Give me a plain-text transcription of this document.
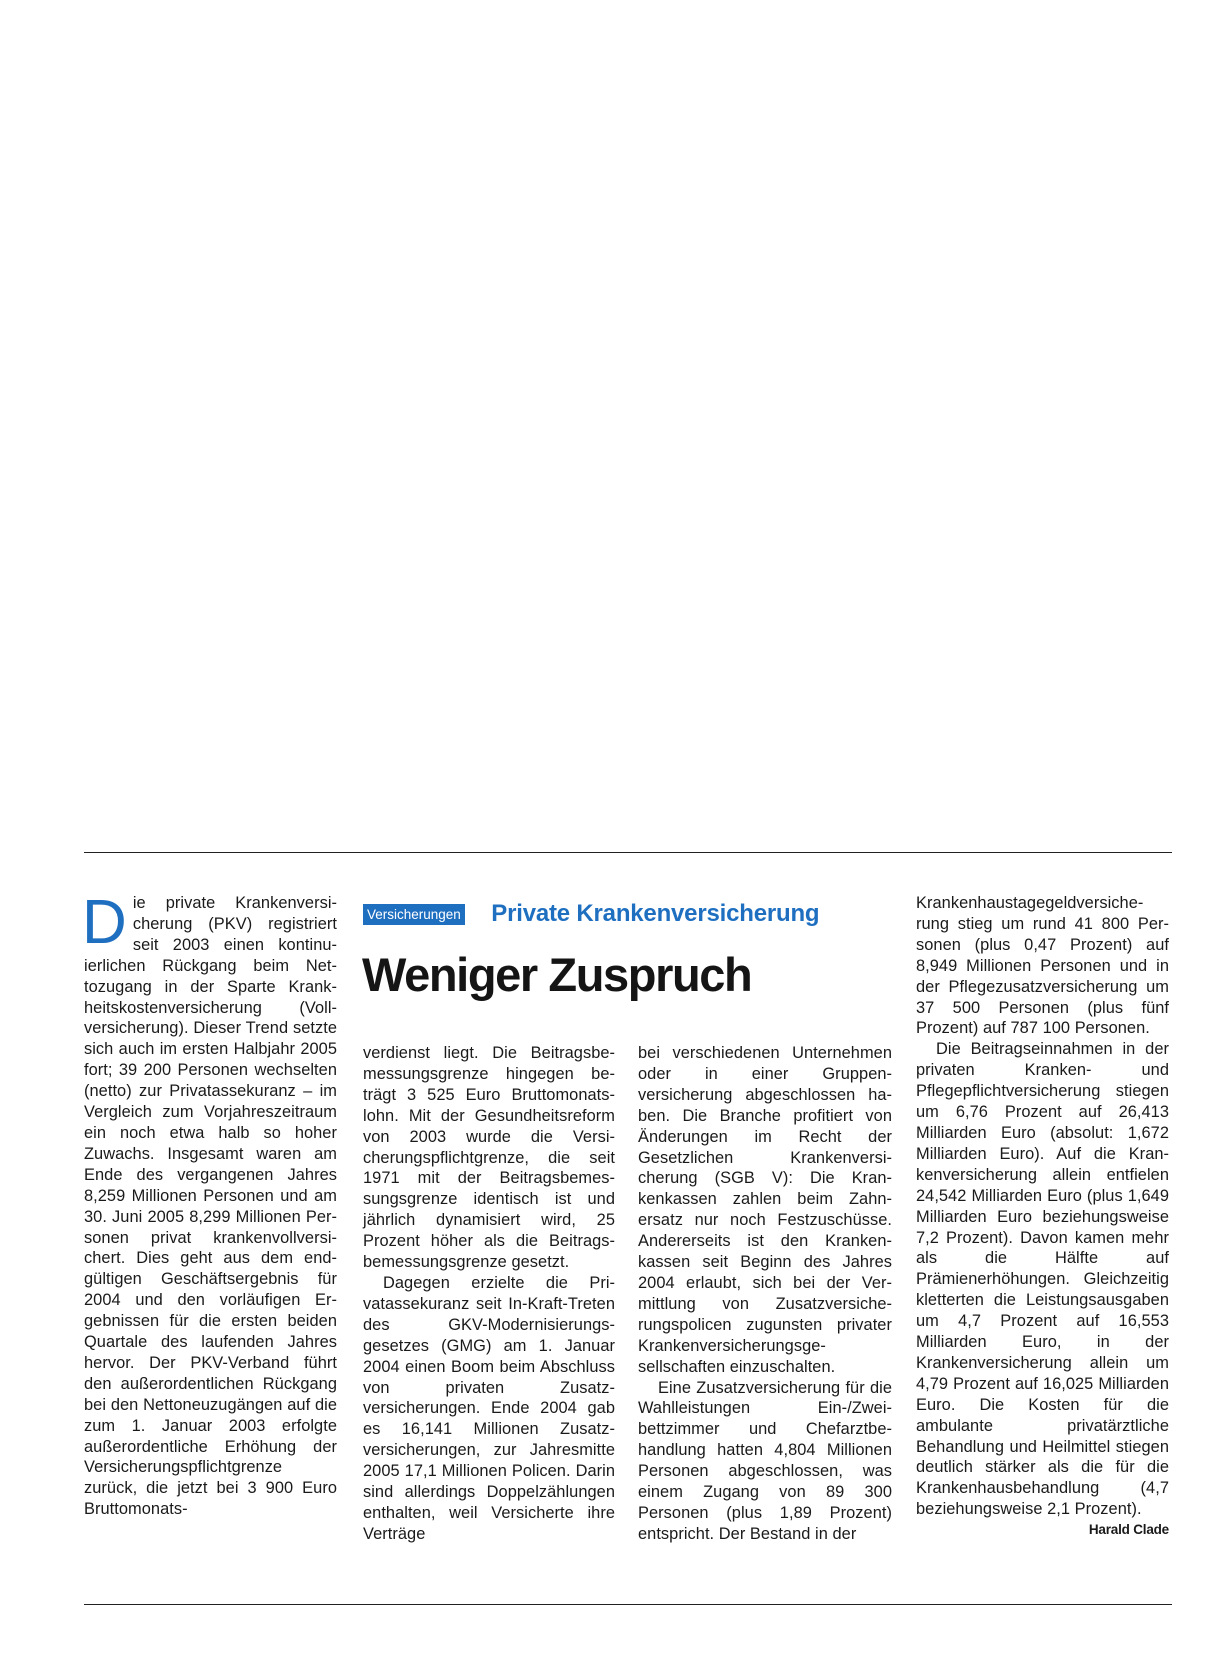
Die private Krankenversicherung (PKV) registriert seit 2003 einen kontinuierlichen Rückgang beim Nettozugang in der Sparte Krankheitskostenversicherung (Vollversicherung). Dieser Trend setzte sich auch im ersten Halbjahr 2005 fort; 39 200 Personen wechselten (netto) zur Privatassekuranz – im Vergleich zum Vorjahreszeitraum ein noch etwa halb so hoher Zuwachs. Insgesamt waren am Ende des vergangenen Jahres 8,259 Millionen Personen und am 30. Juni 2005 8,299 Millionen Personen privat krankenvollversichert. Dies geht aus dem endgültigen Geschäftsergebnis für 2004 und den vorläufigen Ergebnissen für die ersten beiden Quartale des laufenden Jahres hervor. Der PKV-Verband führt den außerordentlichen Rückgang bei den Nettoneuzugängen auf die zum 1. Januar 2003 erfolgte außerordentliche Erhöhung der Versicherungspflichtgrenze zurück, die jetzt bei 3 900 Euro Bruttomonats-

Versicherungen Private Krankenversicherung
Weniger Zuspruch

verdienst liegt. Die Beitragsbemessungsgrenze hingegen beträgt 3 525 Euro Bruttomonatslohn. Mit der Gesundheitsreform von 2003 wurde die Versicherungspflichtgrenze, die seit 1971 mit der Beitragsbemessungsgrenze identisch ist und jährlich dynamisiert wird, 25 Prozent höher als die Beitragsbemessungsgrenze gesetzt.

Dagegen erzielte die Privatassekuranz seit In-Kraft-Treten des GKV-Modernisierungsgesetzes (GMG) am 1. Januar 2004 einen Boom beim Abschluss von privaten Zusatzversicherungen. Ende 2004 gab es 16,141 Millionen Zusatzversicherungen, zur Jahresmitte 2005 17,1 Millionen Policen. Darin sind allerdings Doppelzählungen enthalten, weil Versicherte ihre Verträge

bei verschiedenen Unternehmen oder in einer Gruppenversicherung abgeschlossen haben. Die Branche profitiert von Änderungen im Recht der Gesetzlichen Krankenversicherung (SGB V): Die Krankenkassen zahlen beim Zahnersatz nur noch Festzuschüsse. Andererseits ist den Krankenkassen seit Beginn des Jahres 2004 erlaubt, sich bei der Vermittlung von Zusatzversicherungspolicen zugunsten privater Krankenversicherungsgesellschaften einzuschalten.

Eine Zusatzversicherung für die Wahlleistungen Ein-/Zweibettzimmer und Chefarztbehandlung hatten 4,804 Millionen Personen abgeschlossen, was einem Zugang von 89 300 Personen (plus 1,89 Prozent) entspricht. Der Bestand in der

Krankenhaustagegeldversicherung stieg um rund 41 800 Personen (plus 0,47 Prozent) auf 8,949 Millionen Personen und in der Pflegezusatzversicherung um 37 500 Personen (plus fünf Prozent) auf 787 100 Personen.

Die Beitragseinnahmen in der privaten Kranken- und Pflegepflichtversicherung stiegen um 6,76 Prozent auf 26,413 Milliarden Euro (absolut: 1,672 Milliarden Euro). Auf die Krankenversicherung allein entfielen 24,542 Milliarden Euro (plus 1,649 Milliarden Euro beziehungsweise 7,2 Prozent). Davon kamen mehr als die Hälfte auf Prämienerhöhungen. Gleichzeitig kletterten die Leistungsausgaben um 4,7 Prozent auf 16,553 Milliarden Euro, in der Krankenversicherung allein um 4,79 Prozent auf 16,025 Milliarden Euro. Die Kosten für die ambulante privatärztliche Behandlung und Heilmittel stiegen deutlich stärker als die für die Krankenhausbehandlung (4,7 beziehungsweise 2,1 Prozent).
Harald Clade
